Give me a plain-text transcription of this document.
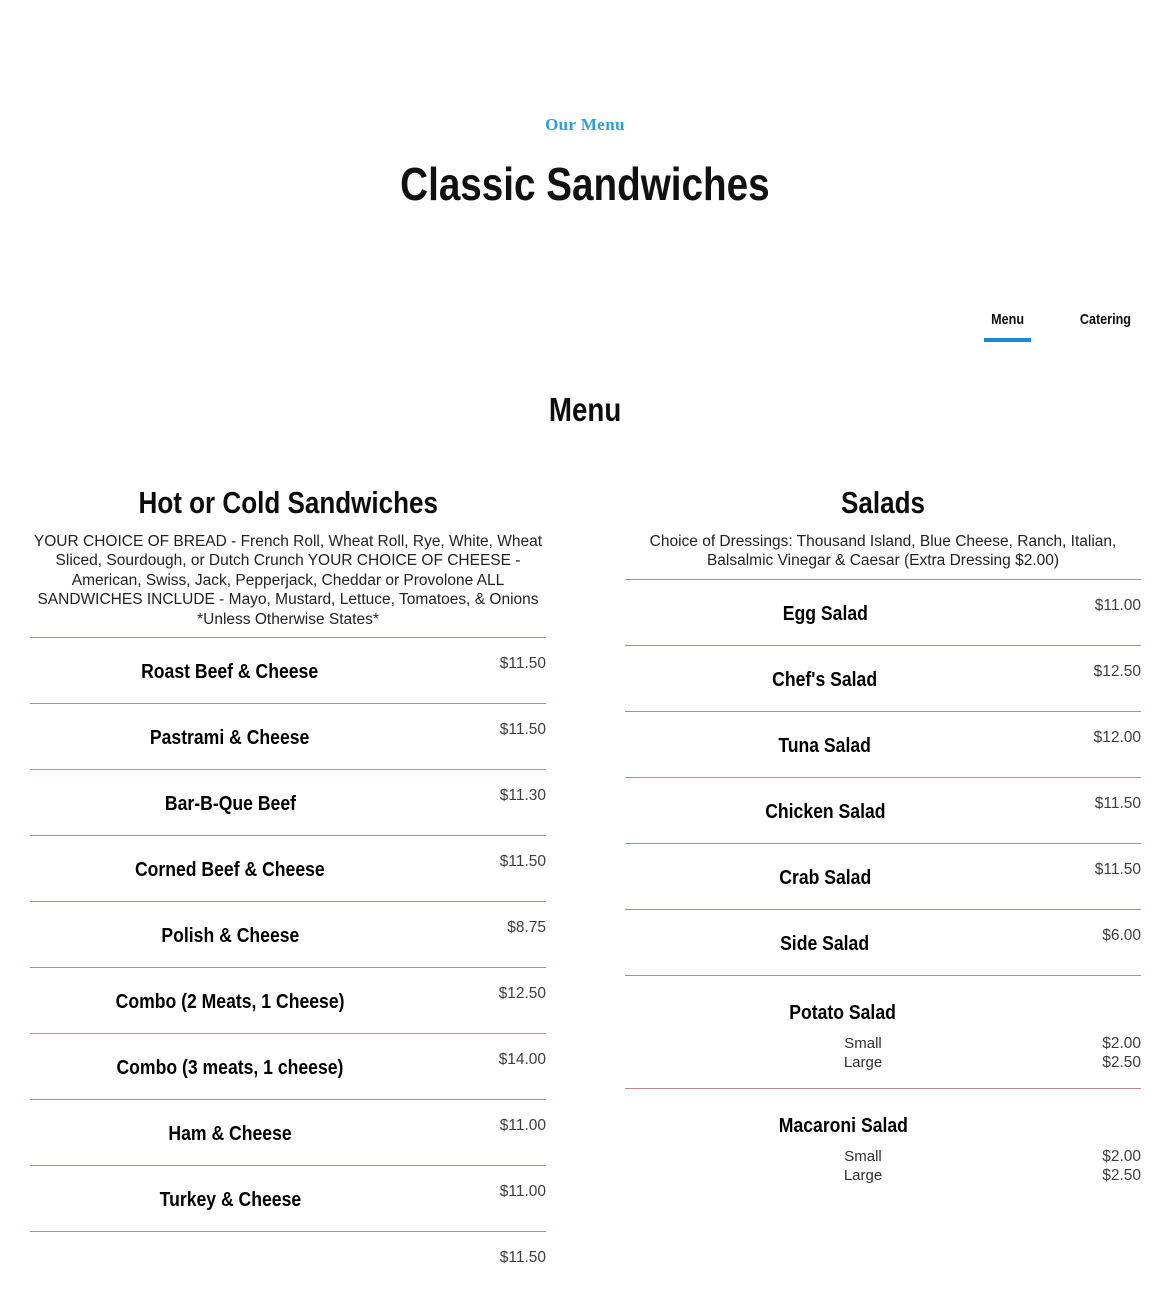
Our Menu
Classic Sandwiches
Menu	Catering
Menu
Hot or Cold Sandwiches

YOUR CHOICE OF BREAD - French Roll, Wheat Roll, Rye, White, Wheat Sliced, Sourdough, or Dutch Crunch YOUR CHOICE OF CHEESE - American, Swiss, Jack, Pepperjack, Cheddar or Provolone ALL SANDWICHES INCLUDE - Mayo, Mustard, Lettuce, Tomatoes, & Onions *Unless Otherwise States*

Roast Beef & Cheese	$11.50
Pastrami & Cheese	$11.50
Bar-B-Que Beef	$11.30
Corned Beef & Cheese	$11.50
Polish & Cheese	$8.75
Combo (2 Meats, 1 Cheese)	$12.50
Combo (3 meats, 1 cheese)	$14.00
Ham & Cheese	$11.00
Turkey & Cheese	$11.00
$11.50
Salads

Choice of Dressings: Thousand Island, Blue Cheese, Ranch, Italian, Balsalmic Vinegar & Caesar (Extra Dressing $2.00)

Egg Salad	$11.00
Chef's Salad	$12.50
Tuna Salad	$12.00
Chicken Salad	$11.50
Crab Salad	$11.50
Side Salad	$6.00
Potato Salad
Small	$2.00
Large	$2.50
Macaroni Salad
Small	$2.00
Large	$2.50
